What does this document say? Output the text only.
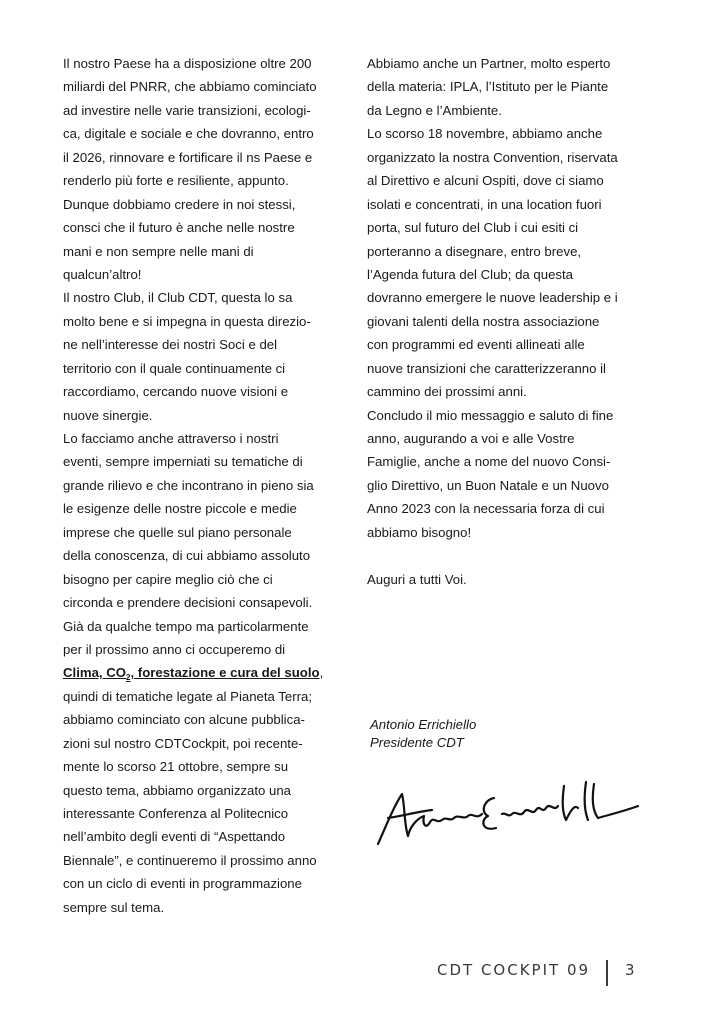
Il nostro Paese ha a disposizione oltre 200
miliardi del PNRR, che abbiamo cominciato
ad investire nelle varie transizioni, ecologi-
ca, digitale e sociale e che dovranno, entro
il 2026, rinnovare e fortificare il ns Paese e
renderlo più forte e resiliente, appunto.
Dunque dobbiamo credere in noi stessi,
consci che il futuro è anche nelle nostre
mani e non sempre nelle mani di
qualcun’altro!
Il nostro Club, il Club CDT, questa lo sa
molto bene e si impegna in questa direzio-
ne nell’interesse dei nostri Soci e del
territorio con il quale continuamente ci
raccordiamo, cercando nuove visioni e
nuove sinergie.
Lo facciamo anche attraverso i nostri
eventi, sempre imperniati su tematiche di
grande rilievo e che incontrano in pieno sia
le esigenze delle nostre piccole e medie
imprese che quelle sul piano personale
della conoscenza, di cui abbiamo assoluto
bisogno per capire meglio ciò che ci
circonda e prendere decisioni consapevoli.
Già da qualche tempo ma particolarmente
per il prossimo anno ci occuperemo di
Clima, $CO_2$, forestazione e cura del suolo,
quindi di tematiche legate al Pianeta Terra;
abbiamo cominciato con alcune pubblica-
zioni sul nostro CDTCockpit, poi recente-
mente lo scorso 21 ottobre, sempre su
questo tema, abbiamo organizzato una
interessante Conferenza al Politecnico
nell’ambito degli eventi di “Aspettando
Biennale”, e continueremo il prossimo anno
con un ciclo di eventi in programmazione
sempre sul tema.
Abbiamo anche un Partner, molto esperto
della materia: IPLA, l’Istituto per le Piante
da Legno e l’Ambiente.
Lo scorso 18 novembre, abbiamo anche
organizzato la nostra Convention, riservata
al Direttivo e alcuni Ospiti, dove ci siamo
isolati e concentrati, in una location fuori
porta, sul futuro del Club i cui esiti ci
porteranno a disegnare, entro breve,
l’Agenda futura del Club; da questa
dovranno emergere le nuove leadership e i
giovani talenti della nostra associazione
con programmi ed eventi allineati alle
nuove transizioni che caratterizzeranno il
cammino dei prossimi anni.
Concludo il mio messaggio e saluto di fine
anno, augurando a voi e alle Vostre
Famiglie, anche a nome del nuovo Consi-
glio Direttivo, un Buon Natale e un Nuovo
Anno 2023 con la necessaria forza di cui
abbiamo bisogno!
Auguri a tutti Voi.
Antonio Errichiello
Presidente CDT
CDT COCKPIT 09 3
